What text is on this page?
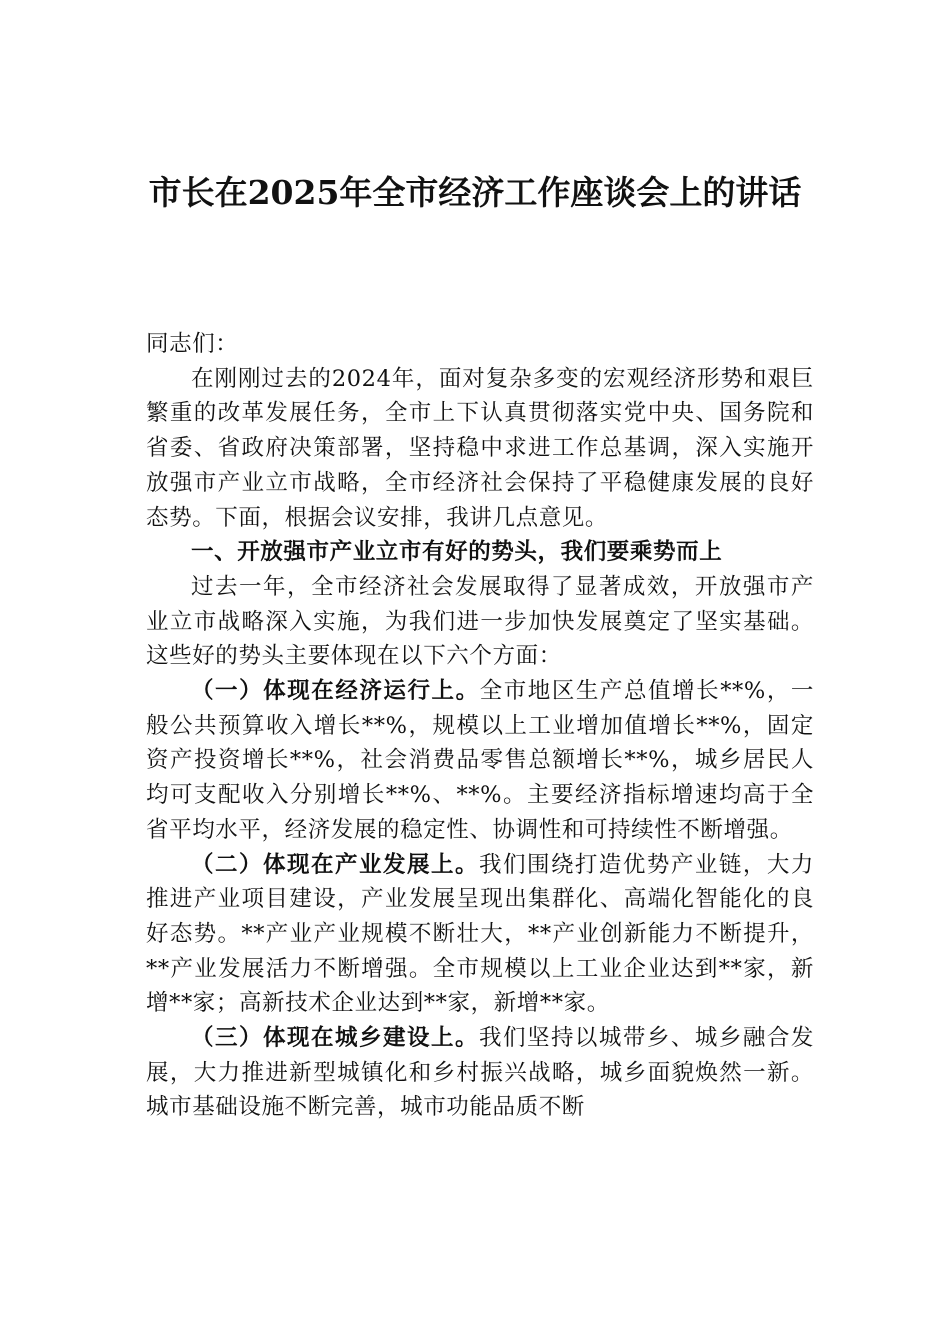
市长在2025年全市经济工作座谈会上的讲话

同志们：

在刚刚过去的2024年，面对复杂多变的宏观经济形势和艰巨繁重的改革发展任务，全市上下认真贯彻落实党中央、国务院和省委、省政府决策部署，坚持稳中求进工作总基调，深入实施开放强市产业立市战略，全市经济社会保持了平稳健康发展的良好态势。下面，根据会议安排，我讲几点意见。

一、开放强市产业立市有好的势头，我们要乘势而上

过去一年，全市经济社会发展取得了显著成效，开放强市产业立市战略深入实施，为我们进一步加快发展奠定了坚实基础。这些好的势头主要体现在以下六个方面：

（一）体现在经济运行上。全市地区生产总值增长**%，一般公共预算收入增长**%，规模以上工业增加值增长**%，固定资产投资增长**%，社会消费品零售总额增长**%，城乡居民人均可支配收入分别增长**%、**%。主要经济指标增速均高于全省平均水平，经济发展的稳定性、协调性和可持续性不断增强。

（二）体现在产业发展上。我们围绕打造优势产业链，大力推进产业项目建设，产业发展呈现出集群化、高端化智能化的良好态势。**产业产业规模不断壮大，**产业创新能力不断提升，**产业发展活力不断增强。全市规模以上工业企业达到**家，新增**家；高新技术企业达到**家，新增**家。

（三）体现在城乡建设上。我们坚持以城带乡、城乡融合发展，大力推进新型城镇化和乡村振兴战略，城乡面貌焕然一新。城市基础设施不断完善，城市功能品质不断
